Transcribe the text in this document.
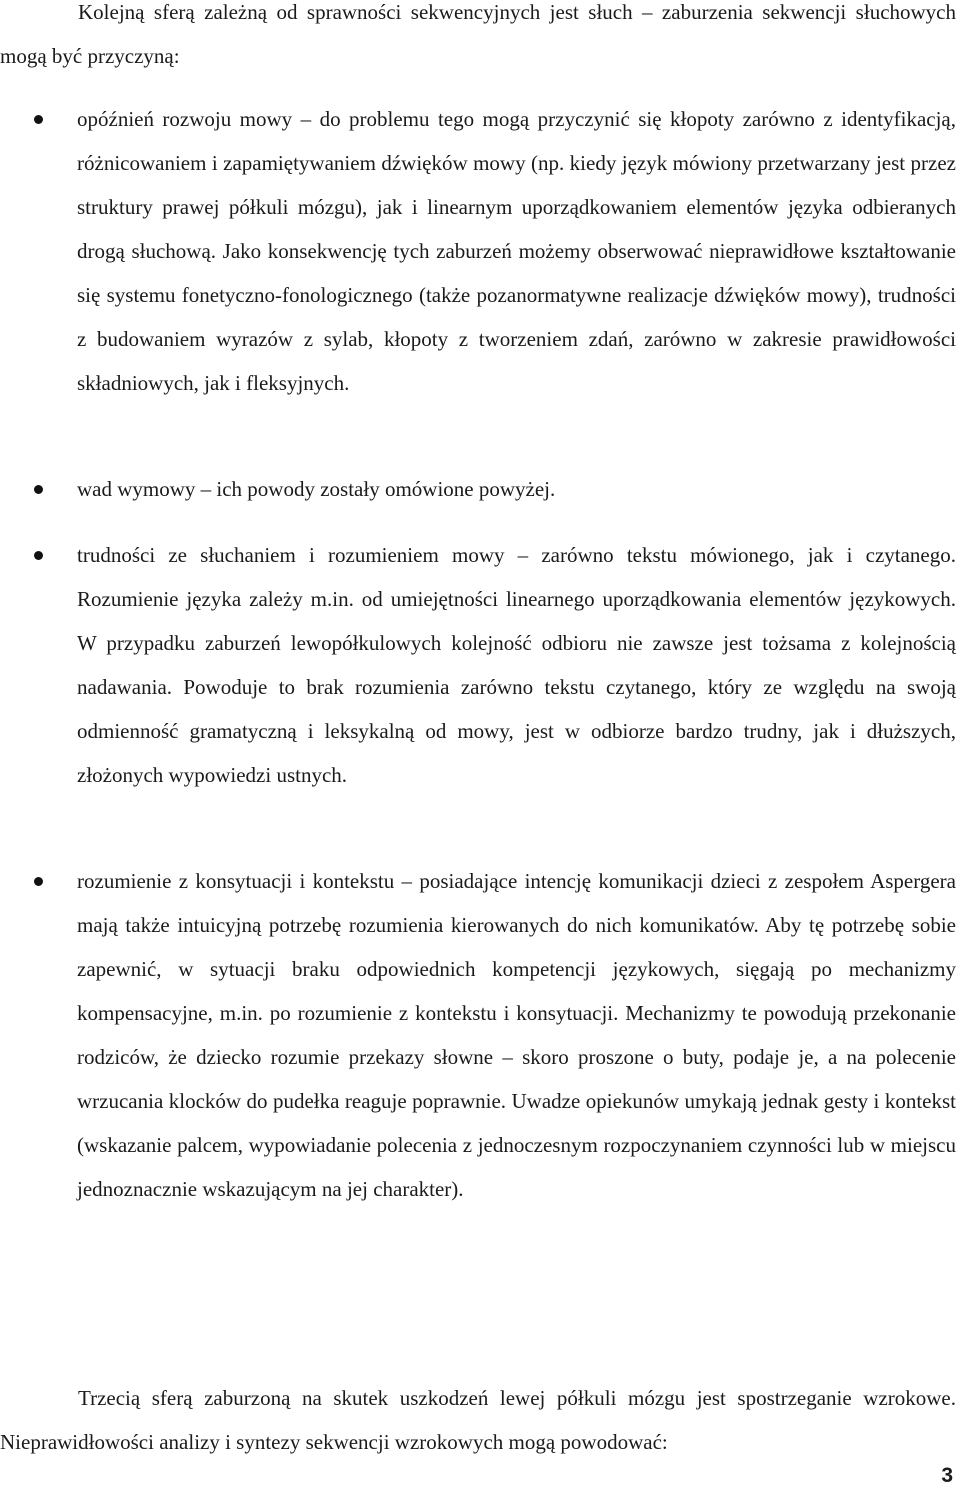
Kolejną sferą zależną od sprawności sekwencyjnych jest słuch – zaburzenia sekwencji słuchowych mogą być przyczyną:

opóźnień rozwoju mowy – do problemu tego mogą przyczynić się kłopoty zarówno z identyfikacją, różnicowaniem i zapamiętywaniem dźwięków mowy (np. kiedy język mówiony przetwarzany jest przez struktury prawej półkuli mózgu), jak i linearnym uporządkowaniem elementów języka odbieranych drogą słuchową. Jako konsekwencję tych zaburzeń możemy obserwować nieprawidłowe kształtowanie się systemu fonetyczno-fonologicznego (także pozanormatywne realizacje dźwięków mowy), trudności z budowaniem wyrazów z sylab, kłopoty z tworzeniem zdań, zarówno w zakresie prawidłowości składniowych, jak i fleksyjnych.

wad wymowy – ich powody zostały omówione powyżej.

trudności ze słuchaniem i rozumieniem mowy – zarówno tekstu mówionego, jak i czytanego. Rozumienie języka zależy m.in. od umiejętności linearnego uporządkowania elementów językowych. W przypadku zaburzeń lewopółkulowych kolejność odbioru nie zawsze jest tożsama z kolejnością nadawania. Powoduje to brak rozumienia zarówno tekstu czytanego, który ze względu na swoją odmienność gramatyczną i leksykalną od mowy, jest w odbiorze bardzo trudny, jak i dłuższych, złożonych wypowiedzi ustnych.

rozumienie z konsytuacji i kontekstu – posiadające intencję komunikacji dzieci z zespołem Aspergera mają także intuicyjną potrzebę rozumienia kierowanych do nich komunikatów. Aby tę potrzebę sobie zapewnić, w sytuacji braku odpowiednich kompetencji językowych, sięgają po mechanizmy kompensacyjne, m.in. po rozumienie z kontekstu i konsytuacji. Mechanizmy te powodują przekonanie rodziców, że dziecko rozumie przekazy słowne – skoro proszone o buty, podaje je, a na polecenie wrzucania klocków do pudełka reaguje poprawnie. Uwadze opiekunów umykają jednak gesty i kontekst (wskazanie palcem, wypowiadanie polecenia z jednoczesnym rozpoczynaniem czynności lub w miejscu jednoznacznie wskazującym na jej charakter).

Trzecią sferą zaburzoną na skutek uszkodzeń lewej półkuli mózgu jest spostrzeganie wzrokowe. Nieprawidłowości analizy i syntezy sekwencji wzrokowych mogą powodować:

3
